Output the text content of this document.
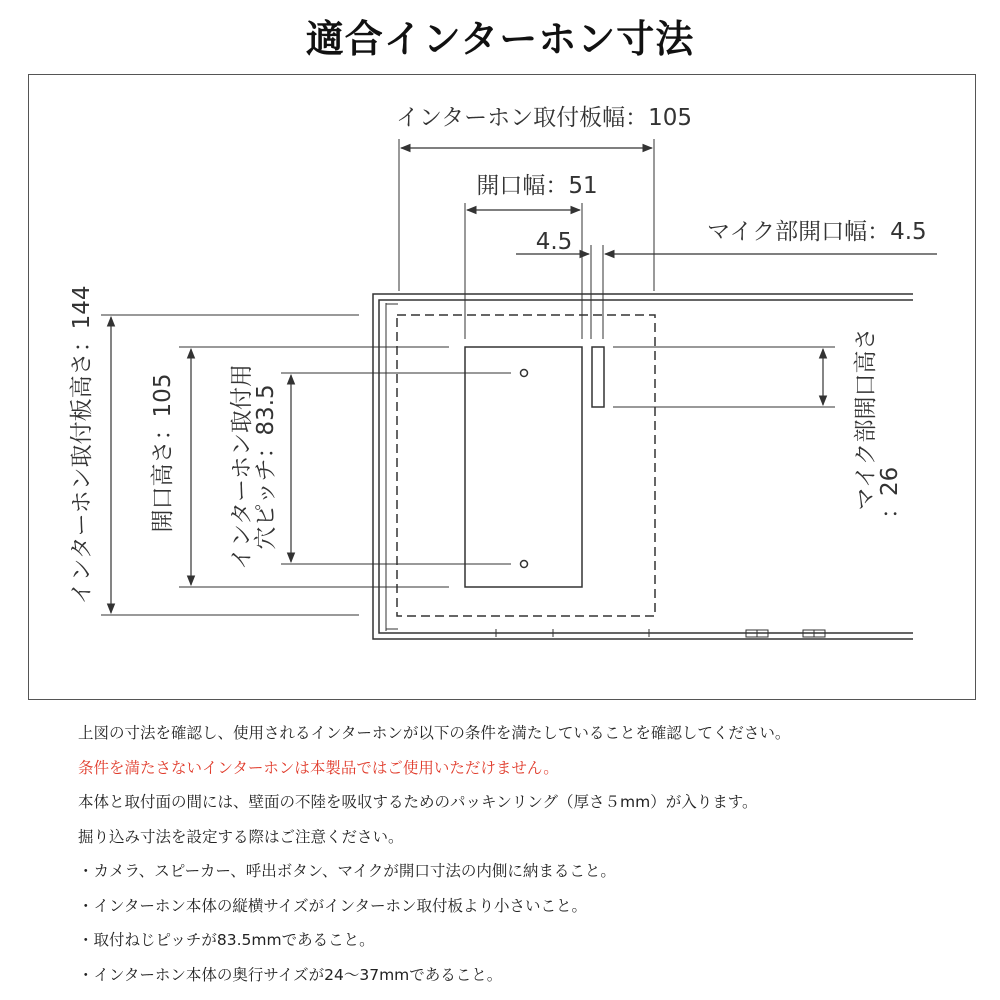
適合インターホン寸法
インターホン取付板幅：105
開口幅：51
4.5	マイク部開口幅：4.5
インターホン取付板高さ：144 開口高さ：105 インターホン取付用
穴ピッチ：83.5	マイク部開口高さ
：26
上図の寸法を確認し、使用されるインターホンが以下の条件を満たしていることを確認してください。
条件を満たさないインターホンは本製品ではご使用いただけません。
本体と取付面の間には、壁面の不陸を吸収するためのパッキンリング（厚さ５mm）が入ります。
掘り込み寸法を設定する際はご注意ください。
・カメラ、スピーカー、呼出ボタン、マイクが開口寸法の内側に納まること。
・インターホン本体の縦横サイズがインターホン取付板より小さいこと。
・取付ねじピッチが83.5mmであること。
・インターホン本体の奥行サイズが24〜37mmであること。
